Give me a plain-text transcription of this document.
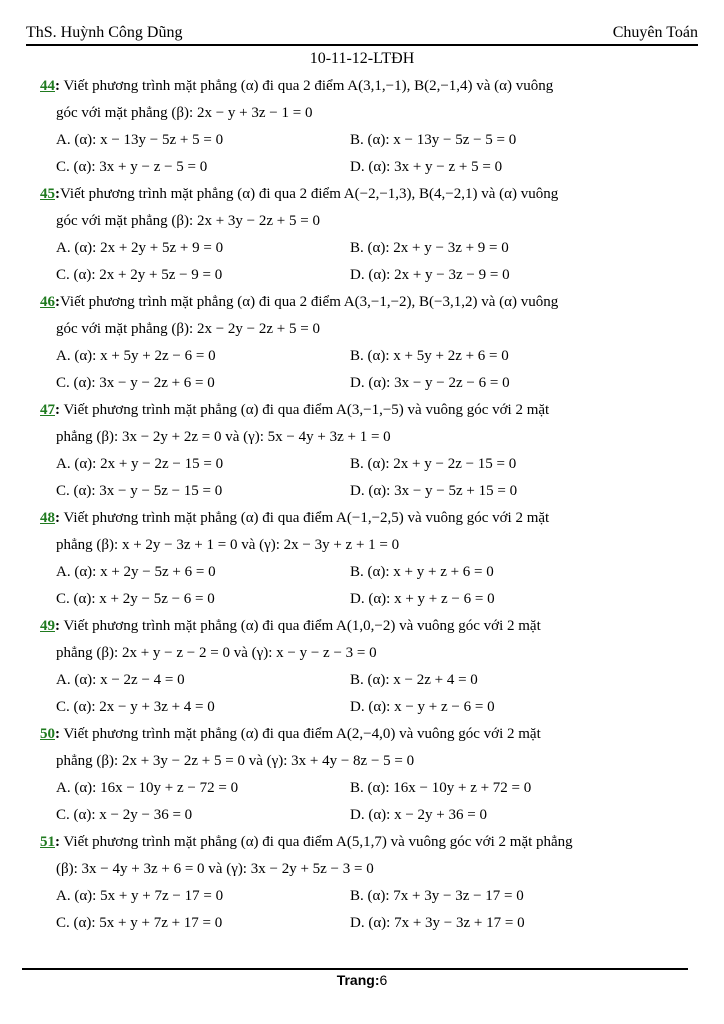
ThS. Huỳnh Công Dũng	Chuyên Toán
10-11-12-LTĐH
44: Viết phương trình mặt phẳng (α) đi qua 2 điểm A(3,1,−1), B(2,−1,4) và (α) vuông
góc với mặt phẳng (β): 2x − y + 3z − 1 = 0
A. (α): x − 13y − 5z + 5 = 0	B. (α): x − 13y − 5z − 5 = 0
C. (α): 3x + y − z − 5 = 0	D. (α): 3x + y − z + 5 = 0
45:Viết phương trình mặt phẳng (α) đi qua 2 điểm A(−2,−1,3), B(4,−2,1) và (α) vuông
góc với mặt phẳng (β): 2x + 3y − 2z + 5 = 0
A. (α): 2x + 2y + 5z + 9 = 0	B. (α): 2x + y − 3z + 9 = 0
C. (α): 2x + 2y + 5z − 9 = 0	D. (α): 2x + y − 3z − 9 = 0
46:Viết phương trình mặt phẳng (α) đi qua 2 điểm A(3,−1,−2), B(−3,1,2) và (α) vuông
góc với mặt phẳng (β): 2x − 2y − 2z + 5 = 0
A. (α): x + 5y + 2z − 6 = 0	B. (α): x + 5y + 2z + 6 = 0
C. (α): 3x − y − 2z + 6 = 0	D. (α): 3x − y − 2z − 6 = 0
47: Viết phương trình mặt phẳng (α) đi qua điểm A(3,−1,−5) và vuông góc với 2 mặt
phẳng (β): 3x − 2y + 2z = 0 và (γ): 5x − 4y + 3z + 1 = 0
A. (α): 2x + y − 2z − 15 = 0	B. (α): 2x + y − 2z − 15 = 0
C. (α): 3x − y − 5z − 15 = 0	D. (α): 3x − y − 5z + 15 = 0
48: Viết phương trình mặt phẳng (α) đi qua điểm A(−1,−2,5) và vuông góc với 2 mặt
phẳng (β): x + 2y − 3z + 1 = 0 và (γ): 2x − 3y + z + 1 = 0
A. (α): x + 2y − 5z + 6 = 0	B. (α): x + y + z + 6 = 0
C. (α): x + 2y − 5z − 6 = 0	D. (α): x + y + z − 6 = 0
49: Viết phương trình mặt phẳng (α) đi qua điểm A(1,0,−2) và vuông góc với 2 mặt
phẳng (β): 2x + y − z − 2 = 0 và (γ): x − y − z − 3 = 0
A. (α): x − 2z − 4 = 0	B. (α): x − 2z + 4 = 0
C. (α): 2x − y + 3z + 4 = 0	D. (α): x − y + z − 6 = 0
50: Viết phương trình mặt phẳng (α) đi qua điểm A(2,−4,0) và vuông góc với 2 mặt
phẳng (β): 2x + 3y − 2z + 5 = 0 và (γ): 3x + 4y − 8z − 5 = 0
A. (α): 16x − 10y + z − 72 = 0	B. (α): 16x − 10y + z + 72 = 0
C. (α): x − 2y − 36 = 0	D. (α): x − 2y + 36 = 0
51: Viết phương trình mặt phẳng (α) đi qua điểm A(5,1,7) và vuông góc với 2 mặt phẳng
(β): 3x − 4y + 3z + 6 = 0 và (γ): 3x − 2y + 5z − 3 = 0
A. (α): 5x + y + 7z − 17 = 0	B. (α): 7x + 3y − 3z − 17 = 0
C. (α): 5x + y + 7z + 17 = 0	D. (α): 7x + 3y − 3z + 17 = 0
Trang:6
